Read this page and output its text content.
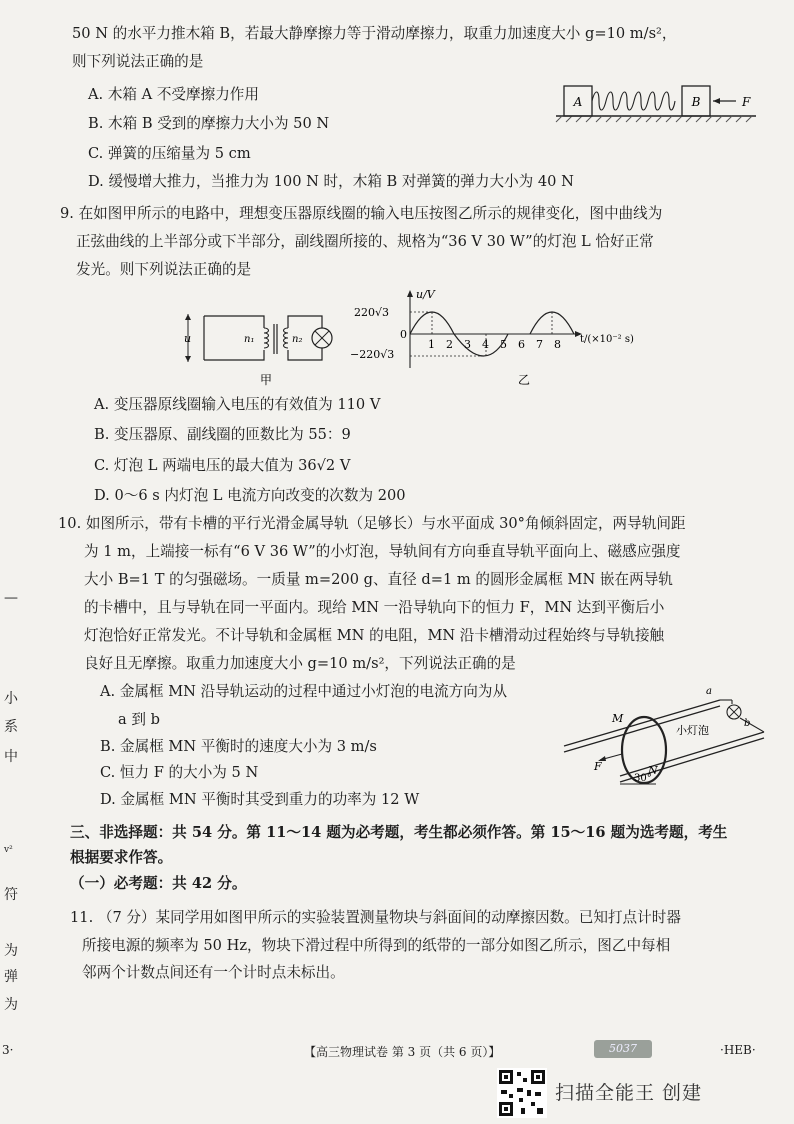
50 N 的水平力推木箱 B，若最大静摩擦力等于滑动摩擦力，取重力加速度大小 g=10 m/s²，
则下列说法正确的是
A. 木箱 A 不受摩擦力作用
B. 木箱 B 受到的摩擦力大小为 50 N
C. 弹簧的压缩量为 5 cm
D. 缓慢增大推力，当推力为 100 N 时，木箱 B 对弹簧的弹力大小为 40 N
A	B	F
9. 在如图甲所示的电路中，理想变压器原线圈的输入电压按图乙所示的规律变化，图中曲线为
正弦曲线的上半部分或下半部分，副线圈所接的、规格为“36 V 30 W”的灯泡 L 恰好正常
发光。则下列说法正确的是
u	n₁	n₂
甲
u/V
t/(×10⁻² s)
220√3
−220√3
0
1 2 3 4 5 6 7 8
乙
A. 变压器原线圈输入电压的有效值为 110 V
B. 变压器原、副线圈的匝数比为 55：9
C. 灯泡 L 两端电压的最大值为 36√2 V
D. 0～6 s 内灯泡 L 电流方向改变的次数为 200
10. 如图所示，带有卡槽的平行光滑金属导轨（足够长）与水平面成 30°角倾斜固定，两导轨间距
为 1 m，上端接一标有“6 V 36 W”的小灯泡，导轨间有方向垂直导轨平面向上、磁感应强度
大小 B=1 T 的匀强磁场。一质量 m=200 g、直径 d=1 m 的圆形金属框 MN 嵌在两导轨
的卡槽中，且与导轨在同一平面内。现给 MN 一沿导轨向下的恒力 F，MN 达到平衡后小
灯泡恰好正常发光。不计导轨和金属框 MN 的电阻，MN 沿卡槽滑动过程始终与导轨接触
良好且无摩擦。取重力加速度大小 g=10 m/s²，下列说法正确的是
A. 金属框 MN 沿导轨运动的过程中通过小灯泡的电流方向为从
a 到 b
B. 金属框 MN 平衡时的速度大小为 3 m/s
C. 恒力 F 的大小为 5 N
D. 金属框 MN 平衡时其受到重力的功率为 12 W
a
b
小灯泡
M
N
F
30°
三、非选择题：共 54 分。第 11～14 题为必考题，考生都必须作答。第 15～16 题为选考题，考生
根据要求作答。
（一）必考题：共 42 分。
11. （7 分）某同学用如图甲所示的实验装置测量物块与斜面间的动摩擦因数。已知打点计时器
所接电源的频率为 50 Hz，物块下滑过程中所得到的纸带的一部分如图乙所示，图乙中每相
邻两个计数点间还有一个计时点未标出。
—
小
系
中
v²
符
为
弹
为
3·	【高三物理试卷 第 3 页（共 6 页）】	5037	·HEB·
扫描全能王 创建
